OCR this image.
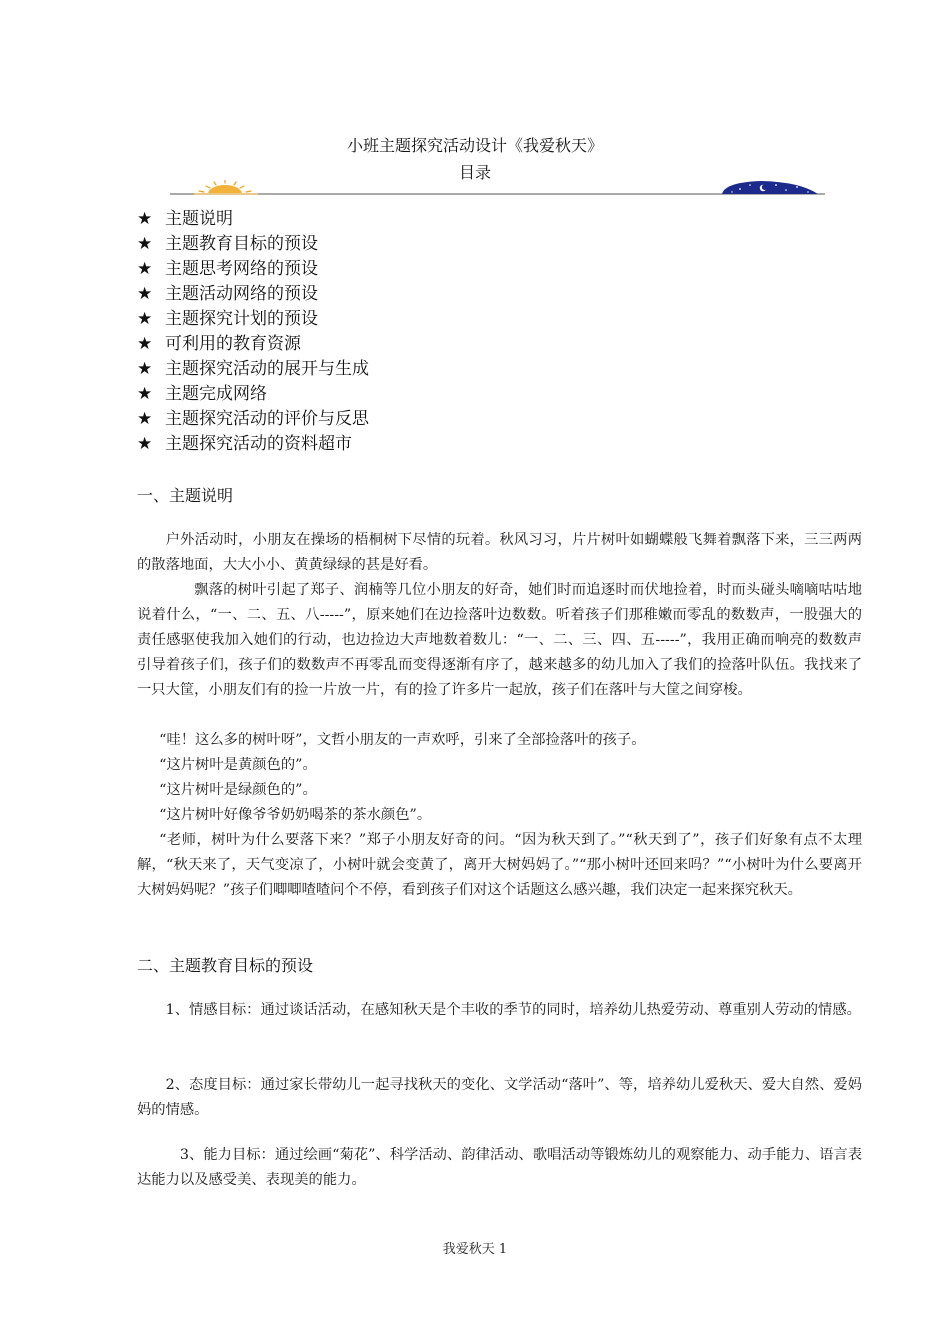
小班主题探究活动设计《我爱秋天》
目录
★ 主题说明
★ 主题教育目标的预设
★ 主题思考网络的预设
★ 主题活动网络的预设
★ 主题探究计划的预设
★ 可利用的教育资源
★ 主题探究活动的展开与生成
★ 主题完成网络
★ 主题探究活动的评价与反思
★ 主题探究活动的资料超市
一、主题说明

户外活动时，小朋友在操场的梧桐树下尽情的玩着。秋风习习，片片树叶如蝴蝶般飞舞着飘落下来，三三两两的散落地面，大大小小、黄黄绿绿的甚是好看。

飘落的树叶引起了郑子、润楠等几位小朋友的好奇，她们时而追逐时而伏地捡着，时而头碰头嘀嘀咕咕地说着什么，“一、二、五、八-----”，原来她们在边捡落叶边数数。听着孩子们那稚嫩而零乱的数数声，一股强大的责任感驱使我加入她们的行动，也边捡边大声地数着数儿：“一、二、三、四、五-----”，我用正确而响亮的数数声引导着孩子们，孩子们的数数声不再零乱而变得逐渐有序了，越来越多的幼儿加入了我们的捡落叶队伍。我找来了一只大筐，小朋友们有的捡一片放一片，有的捡了许多片一起放，孩子们在落叶与大筐之间穿梭。

“哇！这么多的树叶呀”，文哲小朋友的一声欢呼，引来了全部捡落叶的孩子。

“这片树叶是黄颜色的”。

“这片树叶是绿颜色的”。

“这片树叶好像爷爷奶奶喝茶的茶水颜色”。

“老师，树叶为什么要落下来？”郑子小朋友好奇的问。“因为秋天到了。”“秋天到了”，孩子们好象有点不太理解，“秋天来了，天气变凉了，小树叶就会变黄了，离开大树妈妈了。”“那小树叶还回来吗？”“小树叶为什么要离开大树妈妈呢？”孩子们唧唧喳喳问个不停，看到孩子们对这个话题这么感兴趣，我们决定一起来探究秋天。

二、主题教育目标的预设

1、情感目标：通过谈话活动，在感知秋天是个丰收的季节的同时，培养幼儿热爱劳动、尊重别人劳动的情感。

2、态度目标：通过家长带幼儿一起寻找秋天的变化、文学活动“落叶”、等，培养幼儿爱秋天、爱大自然、爱妈妈的情感。

3、能力目标：通过绘画“菊花”、科学活动、韵律活动、歌唱活动等锻炼幼儿的观察能力、动手能力、语言表达能力以及感受美、表现美的能力。

我爱秋天 1
